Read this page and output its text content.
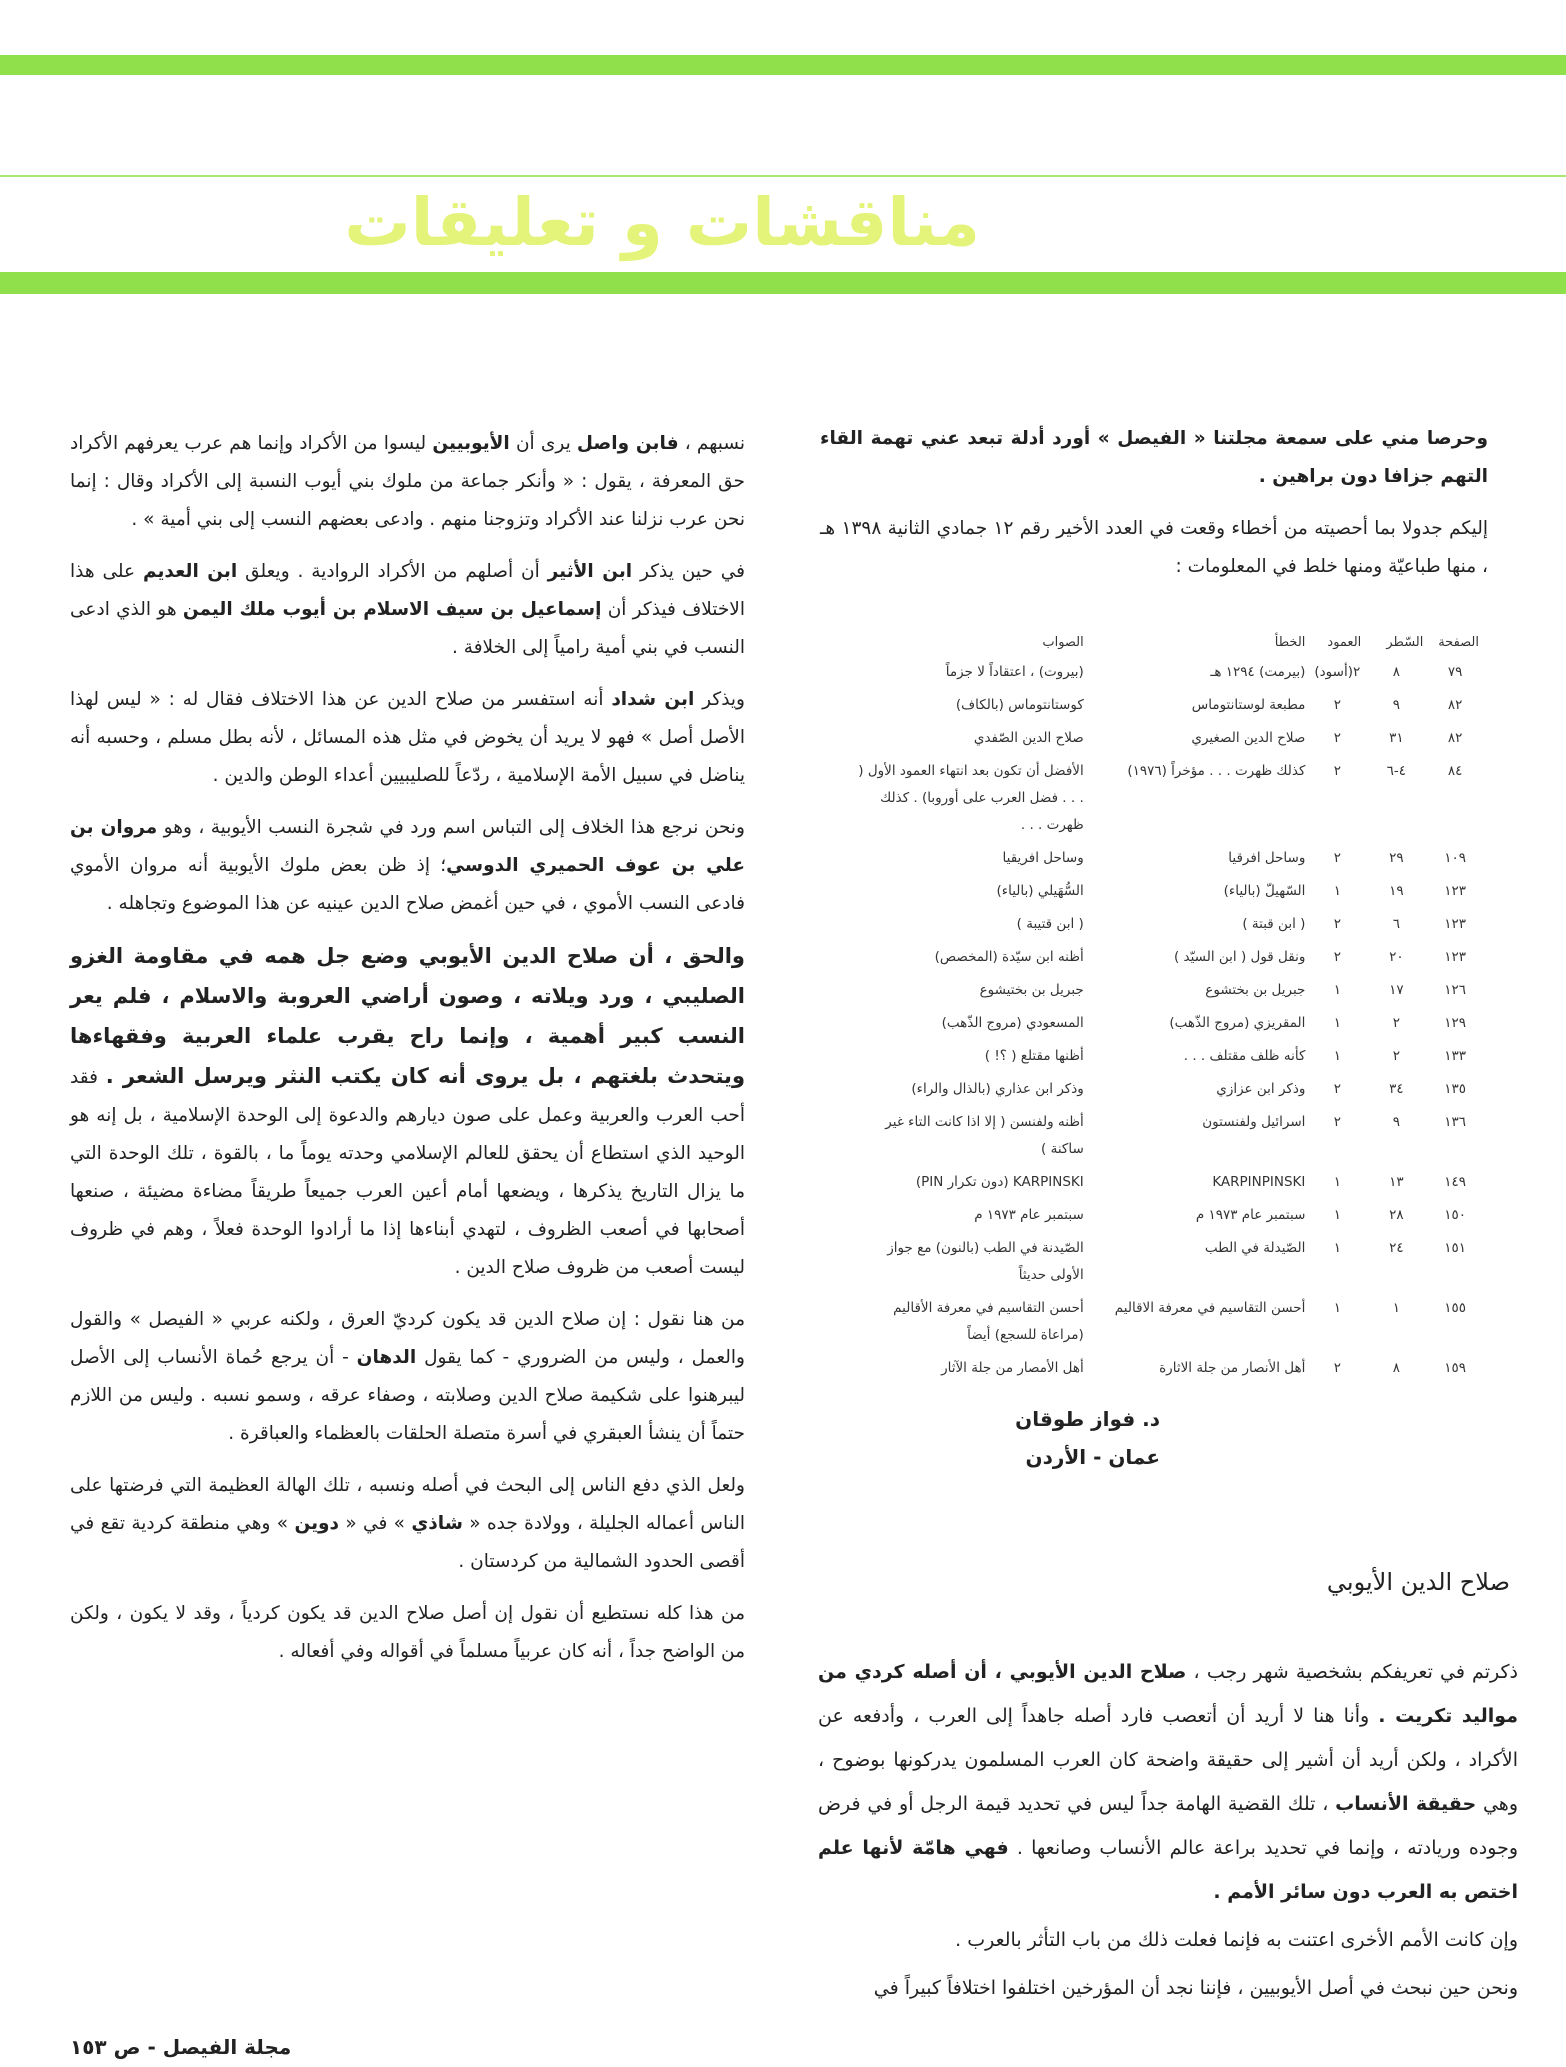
مناقشات و تعليقات

وحرصا مني على سمعة مجلتنا « الفيصل » أورد أدلة تبعد عني تهمة القاء التهم جزافا دون براهين .

إليكم جدولا بما أحصيته من أخطاء وقعت في العدد الأخير رقم ١٢ جمادي الثانية ١٣٩٨ هـ ، منها طباعيّة ومنها خلط في المعلومات :

الصفحة	السّطر	العمود	الخطأ	الصواب
٧٩	٨	٢(أسود)	(بيرمت) ١٢٩٤ هـ	(بيروت) ، اعتقاداً لا جزماً
٨٢	٩	٢	مطبعة لوستانتوماس	كوستانتوماس (بالكاف)
٨٢	٣١	٢	صلاح الدين الصغيري	صلاح الدين الصّفدي
٨٤	٤-٦	٢	كذلك ظهرت . . . مؤخراً (١٩٧٦)	الأفضل أن تكون بعد انتهاء العمود الأول ( . . . فضل العرب على أوروبا) . كذلك ظهرت . . .
١٠٩	٢٩	٢	وساحل افرقيا	وساحل افريقيا
١٢٣	١٩	١	السّهيلّ (بالياء)	السُّهَيلي (بالياء)
١٢٣	٦	٢	( ابن قبتة )	( ابن قتيبة )
١٢٣	٢٠	٢	ونقل قول ( ابن السيّد )	أظنه ابن سيّدة (المخصص)
١٢٦	١٧	١	جبريل بن بختشوع	جبريل بن بختيشوع
١٢٩	٢	١	المقريزي (مروج الذّهب)	المسعودي (مروج الذّهب)
١٣٣	٢	١	كأنه ظلف مقتلف . . .	أظنها مقتلع ( ؟! )
١٣٥	٣٤	٢	وذكر ابن عزازي	وذكر ابن عذاري (بالذال والراء)
١٣٦	٩	٢	اسرائيل ولفنستون	أظنه ولفنسن ( إلا اذا كانت التاء غير ساكنة )
١٤٩	١٣	١	KARPINPINSKI	KARPINSKI (دون تكرار PIN)
١٥٠	٢٨	١	سبتمبر عام ١٩٧٣ م	سبتمبر عام ١٩٧٣ م
١٥١	٢٤	١	الصّيدلة في الطب	الصّيدنة في الطب (بالنون) مع جواز الأولى حديثاً
١٥٥	١	١	أحسن التقاسيم في معرفة الاقاليم	أحسن التقاسيم في معرفة الأقاليم (مراعاة للسجع) أيضاً
١٥٩	٨	٢	أهل الأنصار من جلة الاثارة	أهل الأمصار من جلة الآثار
د. فواز طوقان
عمان - الأردن
صلاح الدين الأيوبي

ذكرتم في تعريفكم بشخصية شهر رجب ، صلاح الدين الأيوبي ، أن أصله كردي من مواليد تكريت . وأنا هنا لا أريد أن أتعصب فارد أصله جاهداً إلى العرب ، وأدفعه عن الأكراد ، ولكن أريد أن أشير إلى حقيقة واضحة كان العرب المسلمون يدركونها بوضوح ، وهي حقيقة الأنساب ، تلك القضية الهامة جداً ليس في تحديد قيمة الرجل أو في فرض وجوده وريادته ، وإنما في تحديد براعة عالم الأنساب وصانعها . فهي هامّة لأنها علم اختص به العرب دون سائر الأمم .

وإن كانت الأمم الأخرى اعتنت به فإنما فعلت ذلك من باب التأثر بالعرب .

ونحن حين نبحث في أصل الأيوبيين ، فإننا نجد أن المؤرخين اختلفوا اختلافاً كبيراً في

نسبهم ، فابن واصل يرى أن الأيوبيين ليسوا من الأكراد وإنما هم عرب يعرفهم الأكراد حق المعرفة ، يقول : « وأنكر جماعة من ملوك بني أيوب النسبة إلى الأكراد وقال : إنما نحن عرب نزلنا عند الأكراد وتزوجنا منهم . وادعى بعضهم النسب إلى بني أمية » .

في حين يذكر ابن الأثير أن أصلهم من الأكراد الروادية . ويعلق ابن العديم على هذا الاختلاف فيذكر أن إسماعيل بن سيف الاسلام بن أيوب ملك اليمن هو الذي ادعى النسب في بني أمية رامياً إلى الخلافة .

ويذكر ابن شداد أنه استفسر من صلاح الدين عن هذا الاختلاف فقال له : « ليس لهذا الأصل أصل » فهو لا يريد أن يخوض في مثل هذه المسائل ، لأنه بطل مسلم ، وحسبه أنه يناضل في سبيل الأمة الإسلامية ، ردّعاً للصليبيين أعداء الوطن والدين .

ونحن نرجع هذا الخلاف إلى التباس اسم ورد في شجرة النسب الأيوبية ، وهو مروان بن علي بن عوف الحميري الدوسي؛ إذ ظن بعض ملوك الأيوبية أنه مروان الأموي فادعى النسب الأموي ، في حين أغمض صلاح الدين عينيه عن هذا الموضوع وتجاهله .

والحق ، أن صلاح الدين الأيوبي وضع جل همه في مقاومة الغزو الصليبي ، ورد ويلاته ، وصون أراضي العروبة والاسلام ، فلم يعر النسب كبير أهمية ، وإنما راح يقرب علماء العربية وفقهاءها ويتحدث بلغتهم ، بل يروى أنه كان يكتب النثر ويرسل الشعر . فقد أحب العرب والعربية وعمل على صون ديارهم والدعوة إلى الوحدة الإسلامية ، بل إنه هو الوحيد الذي استطاع أن يحقق للعالم الإسلامي وحدته يوماً ما ، بالقوة ، تلك الوحدة التي ما يزال التاريخ يذكرها ، ويضعها أمام أعين العرب جميعاً طريقاً مضاءة مضيئة ، صنعها أصحابها في أصعب الظروف ، لتهدي أبناءها إذا ما أرادوا الوحدة فعلاً ، وهم في ظروف ليست أصعب من ظروف صلاح الدين .

من هنا نقول : إن صلاح الدين قد يكون كرديّ العرق ، ولكنه عربي « الفيصل » والقول والعمل ، وليس من الضروري - كما يقول الدهان - أن يرجع حُماة الأنساب إلى الأصل ليبرهنوا على شكيمة صلاح الدين وصلابته ، وصفاء عرقه ، وسمو نسبه . وليس من اللازم حتماً أن ينشأ العبقري في أسرة متصلة الحلقات بالعظماء والعباقرة .

ولعل الذي دفع الناس إلى البحث في أصله ونسبه ، تلك الهالة العظيمة التي فرضتها على الناس أعماله الجليلة ، وولادة جده « شاذي » في « دوين » وهي منطقة كردية تقع في أقصى الحدود الشمالية من كردستان .

من هذا كله نستطيع أن نقول إن أصل صلاح الدين قد يكون كردياً ، وقد لا يكون ، ولكن من الواضح جداً ، أنه كان عربياً مسلماً في أقواله وفي أفعاله .

مجلة الفيصل - ص ١٥٣
